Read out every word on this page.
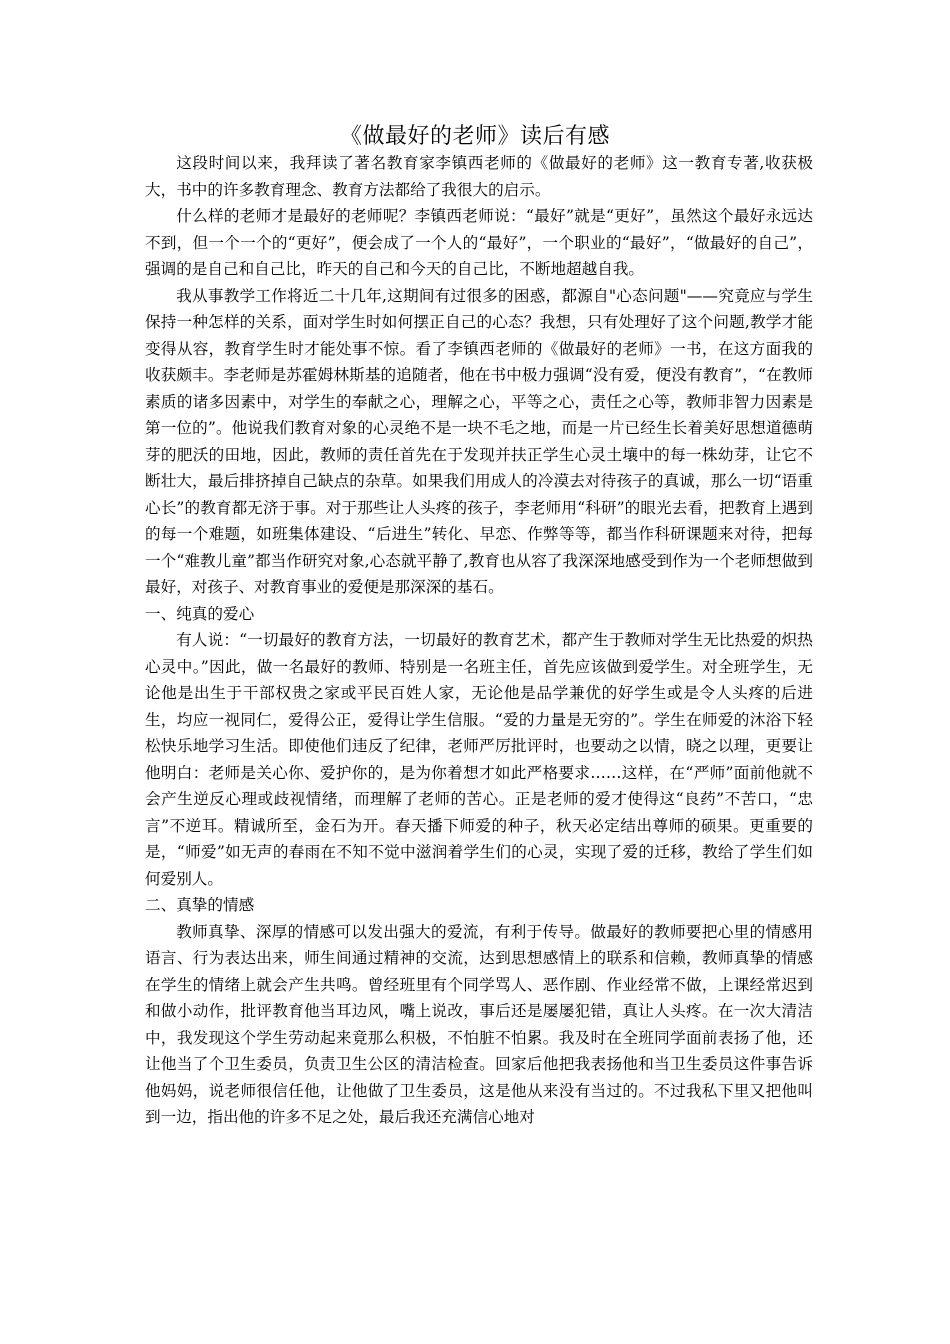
《做最好的老师》读后有感

这段时间以来，我拜读了著名教育家李镇西老师的《做最好的老师》这一教育专著,收获极大，书中的许多教育理念、教育方法都给了我很大的启示。

什么样的老师才是最好的老师呢？李镇西老师说：“最好”就是“更好”，虽然这个最好永远达不到，但一个一个的“更好”，便会成了一个人的“最好”，一个职业的“最好”，“做最好的自己”，强调的是自己和自己比，昨天的自己和今天的自己比，不断地超越自我。

我从事教学工作将近二十几年,这期间有过很多的困惑，都源自"心态问题"——究竟应与学生保持一种怎样的关系，面对学生时如何摆正自己的心态？我想，只有处理好了这个问题,教学才能变得从容，教育学生时才能处事不惊。看了李镇西老师的《做最好的老师》一书，在这方面我的收获颇丰。李老师是苏霍姆林斯基的追随者，他在书中极力强调“没有爱，便没有教育”，“在教师素质的诸多因素中，对学生的奉献之心，理解之心，平等之心，责任之心等，教师非智力因素是第一位的”。他说我们教育对象的心灵绝不是一块不毛之地，而是一片已经生长着美好思想道德萌芽的肥沃的田地，因此，教师的责任首先在于发现并扶正学生心灵土壤中的每一株幼芽，让它不断壮大，最后排挤掉自己缺点的杂草。如果我们用成人的冷漠去对待孩子的真诚，那么一切“语重心长”的教育都无济于事。对于那些让人头疼的孩子，李老师用“科研”的眼光去看，把教育上遇到的每一个难题，如班集体建设、“后进生”转化、早恋、作弊等等，都当作科研课题来对待，把每一个“难教儿童”都当作研究对象,心态就平静了,教育也从容了我深深地感受到作为一个老师想做到最好，对孩子、对教育事业的爱便是那深深的基石。

一、纯真的爱心

有人说：“一切最好的教育方法，一切最好的教育艺术，都产生于教师对学生无比热爱的炽热心灵中。”因此，做一名最好的教师、特别是一名班主任，首先应该做到爱学生。对全班学生，无论他是出生于干部权贵之家或平民百姓人家，无论他是品学兼优的好学生或是令人头疼的后进生，均应一视同仁，爱得公正，爱得让学生信服。“爱的力量是无穷的”。学生在师爱的沐浴下轻松快乐地学习生活。即使他们违反了纪律，老师严厉批评时，也要动之以情，晓之以理，更要让他明白：老师是关心你、爱护你的，是为你着想才如此严格要求……这样，在“严师”面前他就不会产生逆反心理或歧视情绪，而理解了老师的苦心。正是老师的爱才使得这“良药”不苦口，“忠言”不逆耳。精诚所至，金石为开。春天播下师爱的种子，秋天必定结出尊师的硕果。更重要的是，“师爱”如无声的春雨在不知不觉中滋润着学生们的心灵，实现了爱的迁移，教给了学生们如何爱别人。

二、真挚的情感

教师真挚、深厚的情感可以发出强大的爱流，有利于传导。做最好的教师要把心里的情感用语言、行为表达出来，师生间通过精神的交流，达到思想感情上的联系和信赖，教师真挚的情感在学生的情绪上就会产生共鸣。曾经班里有个同学骂人、恶作剧、作业经常不做，上课经常迟到和做小动作，批评教育他当耳边风，嘴上说改，事后还是屡屡犯错，真让人头疼。在一次大清洁中，我发现这个学生劳动起来竟那么积极，不怕脏不怕累。我及时在全班同学面前表扬了他，还让他当了个卫生委员，负责卫生公区的清洁检查。回家后他把我表扬他和当卫生委员这件事告诉他妈妈，说老师很信任他，让他做了卫生委员，这是他从来没有当过的。不过我私下里又把他叫到一边，指出他的许多不足之处，最后我还充满信心地对
